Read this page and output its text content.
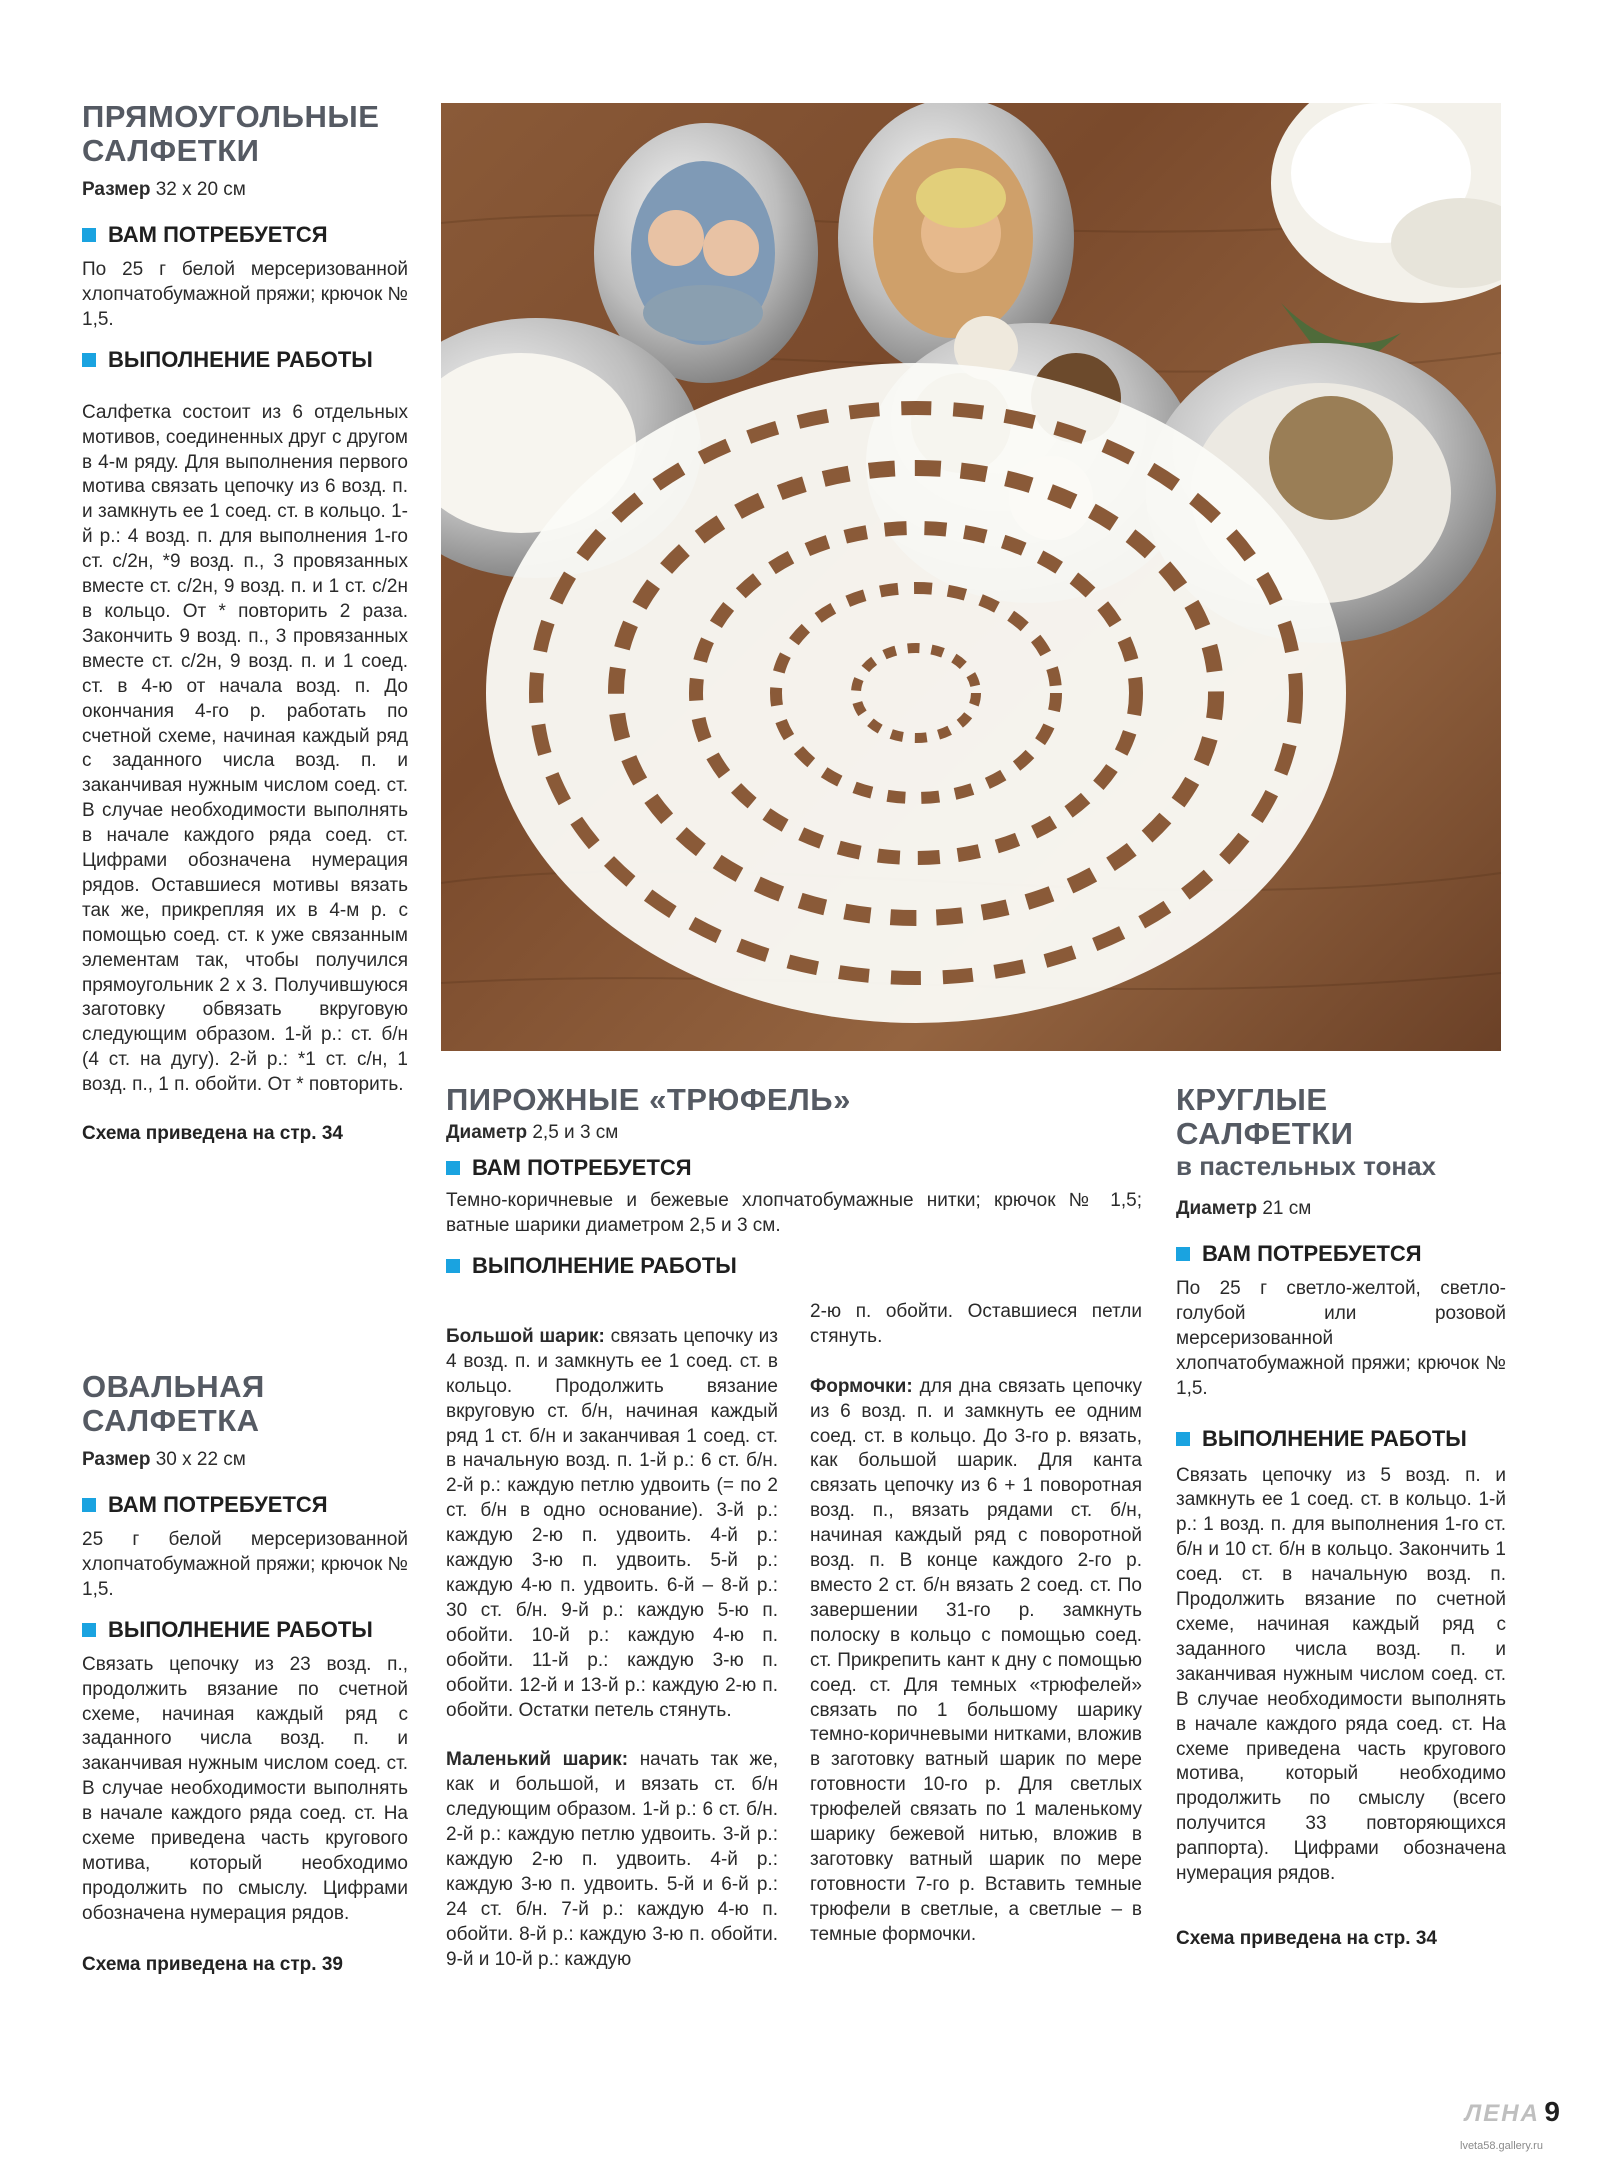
ПРЯМОУГОЛЬНЫЕ
САЛФЕТКИ

Размер 32 х 20 см

ВАМ ПОТРЕБУЕТСЯ

По 25 г белой мерсеризованной хлопчатобумажной пряжи; крючок № 1,5.

ВЫПОЛНЕНИЕ РАБОТЫ

Салфетка состоит из 6 отдельных мотивов, соединенных друг с другом в 4-м ряду. Для выполнения первого мотива связать цепочку из 6 возд. п. и замкнуть ее 1 соед. ст. в кольцо. 1-й р.: 4 возд. п. для выполнения 1-го ст. с/2н, *9 возд. п., 3 провязанных вместе ст. с/2н, 9 возд. п. и 1 ст. с/2н в кольцо. От * повторить 2 раза. Закончить 9 возд. п., 3 провязанных вместе ст. с/2н, 9 возд. п. и 1 соед. ст. в 4-ю от начала возд. п. До окончания 4-го р. работать по счетной схеме, начиная каждый ряд с заданного числа возд. п. и заканчивая нужным числом соед. ст. В случае необходимости выполнять в начале каждого ряда соед. ст. Цифрами обозначена нумерация рядов. Оставшиеся мотивы вязать так же, прикрепляя их в 4-м р. с помощью соед. ст. к уже связанным элементам так, чтобы получился прямоугольник 2 х 3. Получившуюся заготовку обвязать вкруговую следующим образом. 1-й р.: ст. б/н (4 ст. на дугу). 2-й р.: *1 ст. с/н, 1 возд. п., 1 п. обойти. От * повторить.

Схема приведена на стр. 34

ОВАЛЬНАЯ САЛФЕТКА

Размер 30 х 22 см

ВАМ ПОТРЕБУЕТСЯ

25 г белой мерсеризованной хлопчатобумажной пряжи; крючок № 1,5.

ВЫПОЛНЕНИЕ РАБОТЫ

Связать цепочку из 23 возд. п., продолжить вязание по счетной схеме, начиная каждый ряд с заданного числа возд. п. и заканчивая нужным числом соед. ст. В случае необходимости выполнять в начале каждого ряда соед. ст. На схеме приведена часть кругового мотива, который необходимо продолжить по смыслу. Цифрами обозначена нумерация рядов.

Схема приведена на стр. 39

ПИРОЖНЫЕ «ТРЮФЕЛЬ»

Диаметр 2,5 и 3 см

ВАМ ПОТРЕБУЕТСЯ

Темно-коричневые и бежевые хлопчатобумажные нитки; крючок № 1,5; ватные шарики диаметром 2,5 и 3 см.

ВЫПОЛНЕНИЕ РАБОТЫ

Большой шарик: связать цепочку из 4 возд. п. и замкнуть ее 1 соед. ст. в кольцо. Продолжить вязание вкруговую ст. б/н, начиная каждый ряд 1 ст. б/н и заканчивая 1 соед. ст. в начальную возд. п. 1-й р.: 6 ст. б/н. 2-й р.: каждую петлю удвоить (= по 2 ст. б/н в одно основание). 3-й р.: каждую 2-ю п. удвоить. 4-й р.: каждую 3-ю п. удвоить. 5-й р.: каждую 4-ю п. удвоить. 6-й – 8-й р.: 30 ст. б/н. 9-й р.: каждую 5-ю п. обойти. 10-й р.: каждую 4-ю п. обойти. 11-й р.: каждую 3-ю п. обойти. 12-й и 13-й р.: каждую 2-ю п. обойти. Остатки петель стянуть.

Маленький шарик: начать так же, как и большой, и вязать ст. б/н следующим образом. 1-й р.: 6 ст. б/н. 2-й р.: каждую петлю удвоить. 3-й р.: каждую 2-ю п. удвоить. 4-й р.: каждую 3-ю п. удвоить. 5-й и 6-й р.: 24 ст. б/н. 7-й р.: каждую 4-ю п. обойти. 8-й р.: каждую 3-ю п. обойти. 9-й и 10-й р.: каждую

2-ю п. обойти. Оставшиеся петли стянуть.

Формочки: для дна связать цепочку из 6 возд. п. и замкнуть ее одним соед. ст. в кольцо. До 3-го р. вязать, как большой шарик. Для канта связать цепочку из 6 + 1 поворотная возд. п., вязать рядами ст. б/н, начиная каждый ряд с поворотной возд. п. В конце каждого 2-го р. вместо 2 ст. б/н вязать 2 соед. ст. По завершении 31-го р. замкнуть полоску в кольцо с помощью соед. ст. Прикрепить кант к дну с помощью соед. ст. Для темных «трюфелей» связать по 1 большому шарику темно-коричневыми нитками, вложив в заготовку ватный шарик по мере готовности 10-го р. Для светлых трюфелей связать по 1 маленькому шарику бежевой нитью, вложив в заготовку ватный шарик по мере готовности 7-го р. Вставить темные трюфели в светлые, а светлые – в темные формочки.

КРУГЛЫЕ САЛФЕТКИ

в пастельных тонах

Диаметр 21 см

ВАМ ПОТРЕБУЕТСЯ

По 25 г светло-желтой, светло-голубой или розовой мерсеризованной хлопчатобумажной пряжи; крючок № 1,5.

ВЫПОЛНЕНИЕ РАБОТЫ

Связать цепочку из 5 возд. п. и замкнуть ее 1 соед. ст. в кольцо. 1-й р.: 1 возд. п. для выполнения 1-го ст. б/н и 10 ст. б/н в кольцо. Закончить 1 соед. ст. в начальную возд. п. Продолжить вязание по счетной схеме, начиная каждый ряд с заданного числа возд. п. и заканчивая нужным числом соед. ст. В случае необходимости выполнять в начале каждого ряда соед. ст. На схеме приведена часть кругового мотива, который необходимо продолжить по смыслу (всего получится 33 повторяющихся раппорта). Цифрами обозначена нумерация рядов.

Схема приведена на стр. 34

ЛЕНА 9
lveta58.gallery.ru
